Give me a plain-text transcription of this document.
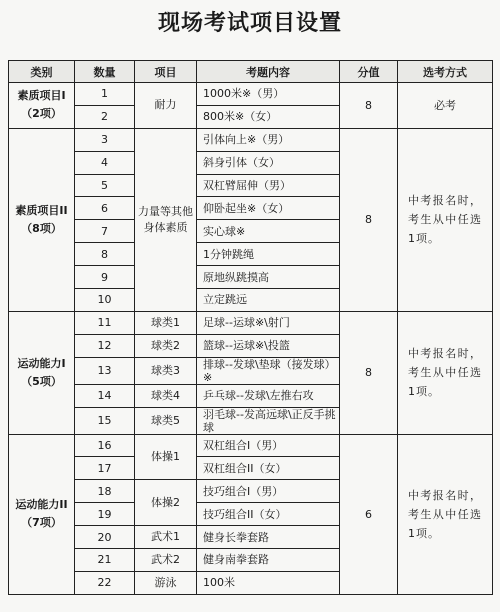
现场考试项目设置
类别	数量	项目	考题内容	分值	选考方式

素质项目I
（2项）	1	耐力	1000米※（男）	8	必考
	2		800米※（女）		

素质项目II
（8项）	3	力量等其他身体素质	引体向上※（男）	8	中考报名时，考生从中任选1项。
	4		斜身引体（女）		
	5		双杠臂屈伸（男）		
	6		仰卧起坐※（女）		
	7		实心球※		
	8		1分钟跳绳		
	9		原地纵跳摸高		
	10		立定跳远		

运动能力I
（5项）	11	球类1	足球--运球※\射门	8	中考报名时，考生从中任选1项。
	12	球类2	篮球--运球※\投篮		
	13	球类3	排球--发球\垫球（接发球）※		
	14	球类4	乒乓球--发球\左推右攻		
	15	球类5	羽毛球--发高远球\正反手挑球		

运动能力II
（7项）	16	体操1	双杠组合I（男）	6	中考报名时，考生从中任选1项。
	17		双杠组合II（女）		
	18	体操2	技巧组合I（男）		
	19		技巧组合II（女）		
	20	武术1	健身长拳套路		
	21	武术2	健身南拳套路		
	22	游泳	100米		
